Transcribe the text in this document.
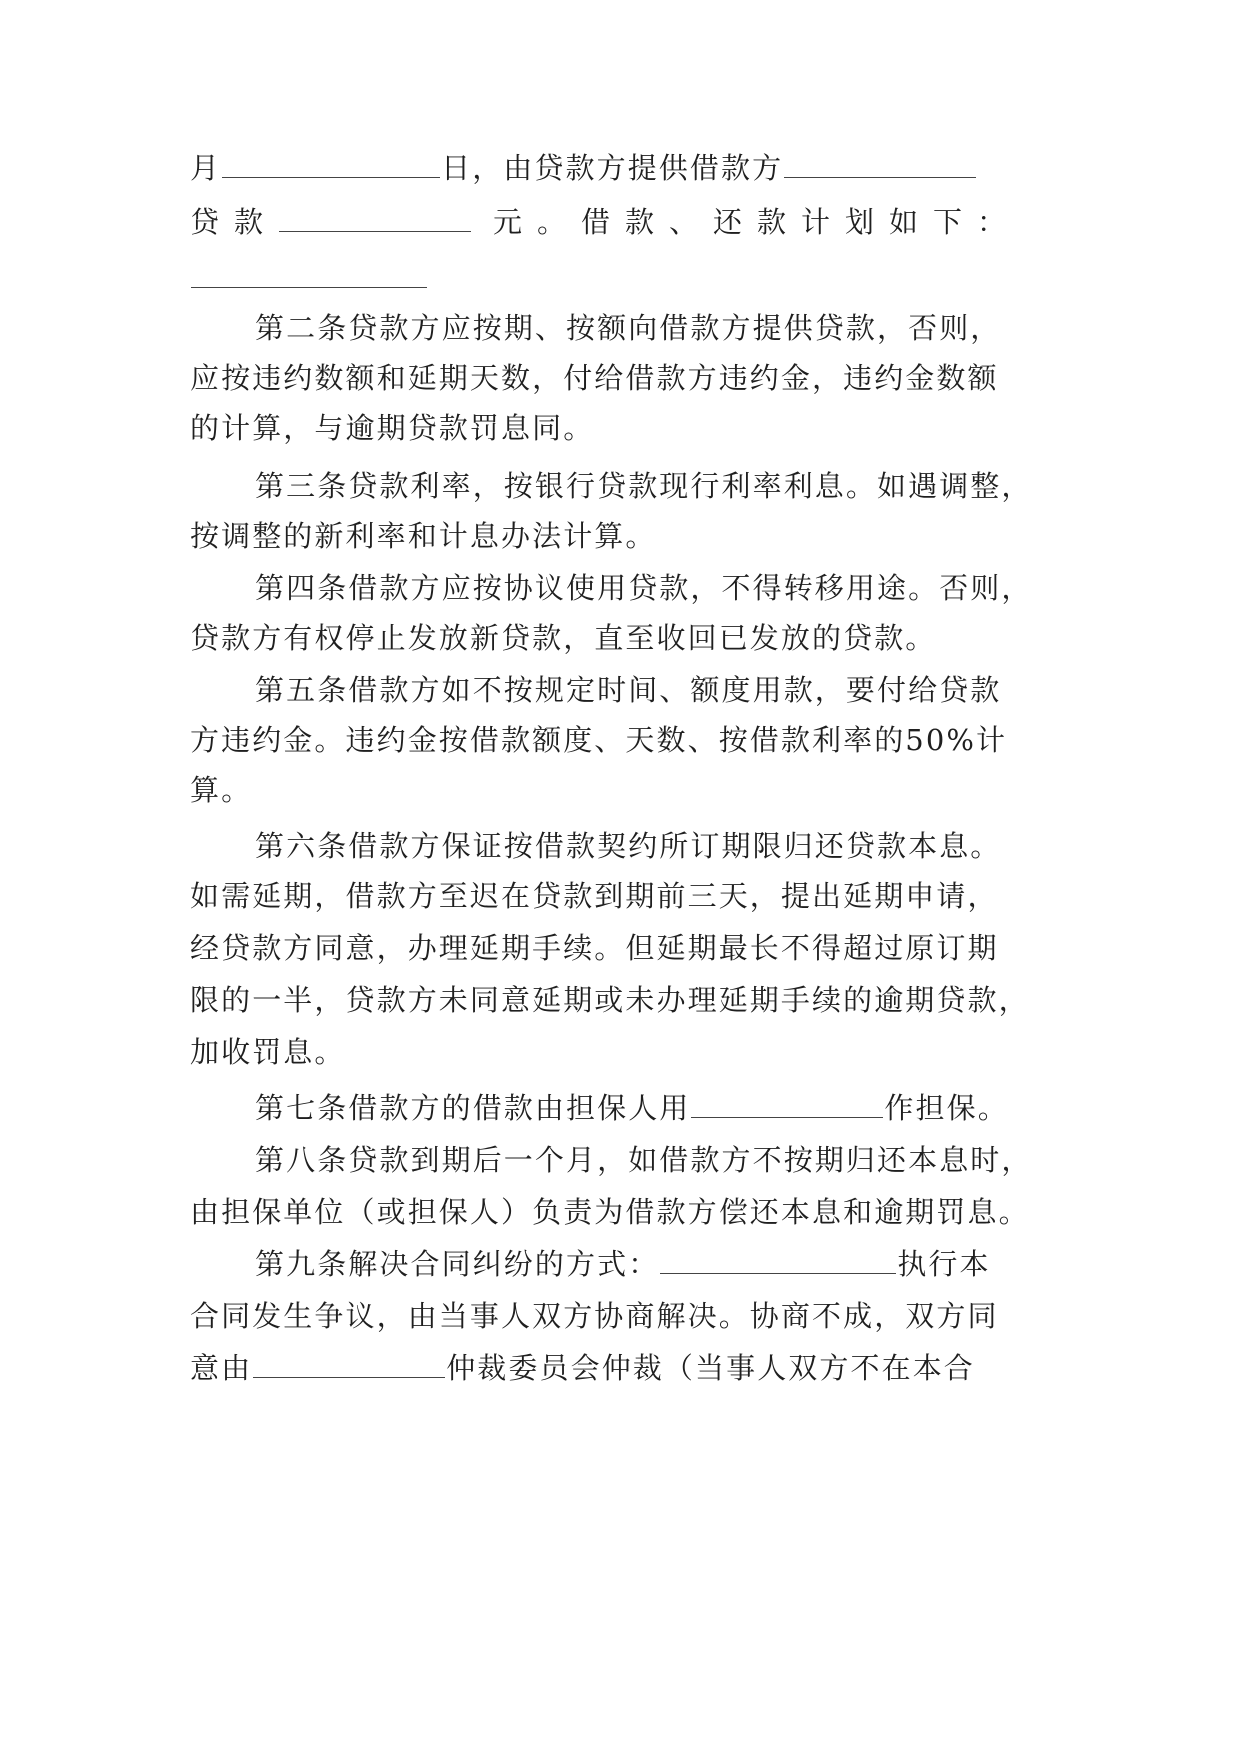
月	日，由贷款方提供借款方
贷款	元。借款、还款计划如下：
第二条贷款方应按期、按额向借款方提供贷款，否则，
应按违约数额和延期天数，付给借款方违约金，违约金数额
的计算，与逾期贷款罚息同。
第三条贷款利率，按银行贷款现行利率利息。如遇调整，
按调整的新利率和计息办法计算。
第四条借款方应按协议使用贷款，不得转移用途。否则，
贷款方有权停止发放新贷款，直至收回已发放的贷款。
第五条借款方如不按规定时间、额度用款，要付给贷款
方违约金。违约金按借款额度、天数、按借款利率的50%计
算。
第六条借款方保证按借款契约所订期限归还贷款本息。
如需延期，借款方至迟在贷款到期前三天，提出延期申请，
经贷款方同意，办理延期手续。但延期最长不得超过原订期
限的一半，贷款方未同意延期或未办理延期手续的逾期贷款，
加收罚息。
第七条借款方的借款由担保人用	作担保。
第八条贷款到期后一个月，如借款方不按期归还本息时，
由担保单位（或担保人）负责为借款方偿还本息和逾期罚息。
第九条解决合同纠纷的方式：	执行本
合同发生争议，由当事人双方协商解决。协商不成，双方同
意由	仲裁委员会仲裁（当事人双方不在本合
